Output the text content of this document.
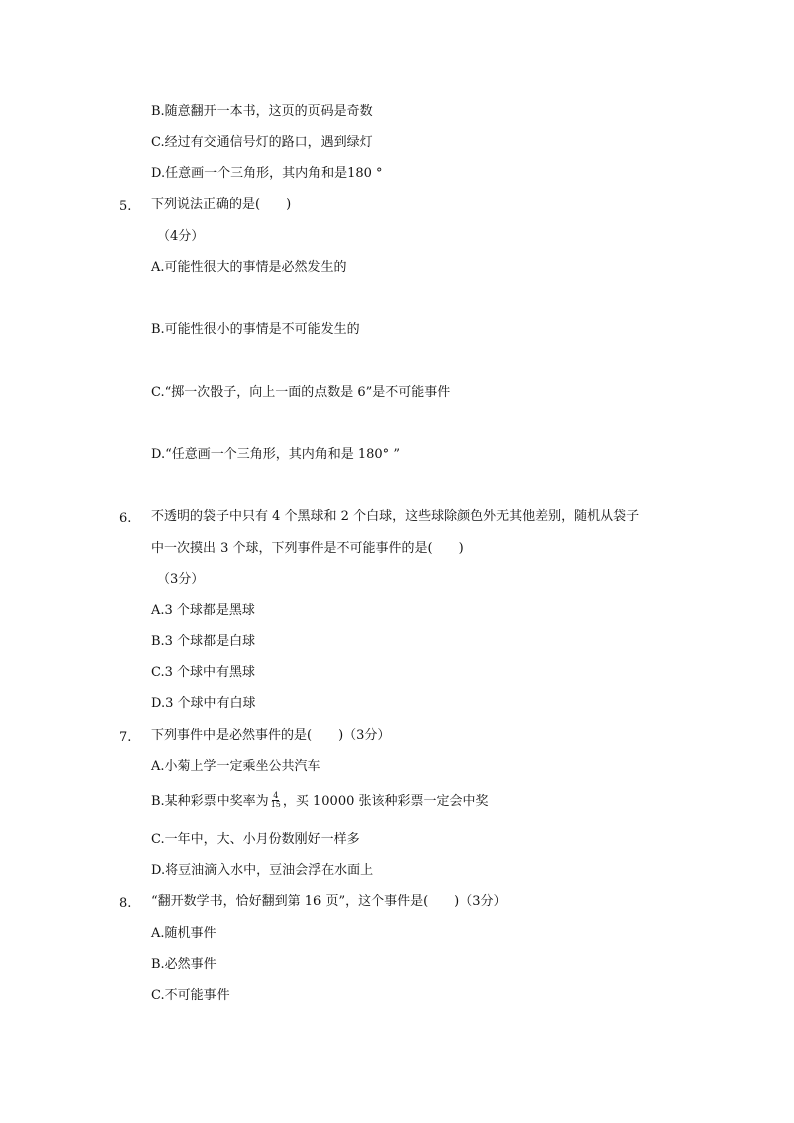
B.随意翻开一本书，这页的页码是奇数
C.经过有交通信号灯的路口，遇到绿灯
D.任意画一个三角形，其内角和是180 °
5. 下列说法正确的是(　　)
（4分）
A.可能性很大的事情是必然发生的
B.可能性很小的事情是不可能发生的
C.“掷一次骰子，向上一面的点数是 6”是不可能事件
D.“任意画一个三角形，其内角和是 180° ”
6. 不透明的袋子中只有 4 个黑球和 2 个白球，这些球除颜色外无其他差别，随机从袋子
中一次摸出 3 个球，下列事件是不可能事件的是(　　)
（3分）
A.3 个球都是黑球
B.3 个球都是白球
C.3 个球中有黑球
D.3 个球中有白球
7. 下列事件中是必然事件的是(　　)（3分）
A.小菊上学一定乘坐公共汽车
B.某种彩票中奖率为 $\frac{4}{15}$ ，买 10000 张该种彩票一定会中奖
C.一年中，大、小月份数刚好一样多
D.将豆油滴入水中，豆油会浮在水面上
8. “翻开数学书，恰好翻到第 16 页”，这个事件是(　　)（3分）
A.随机事件
B.必然事件
C.不可能事件
